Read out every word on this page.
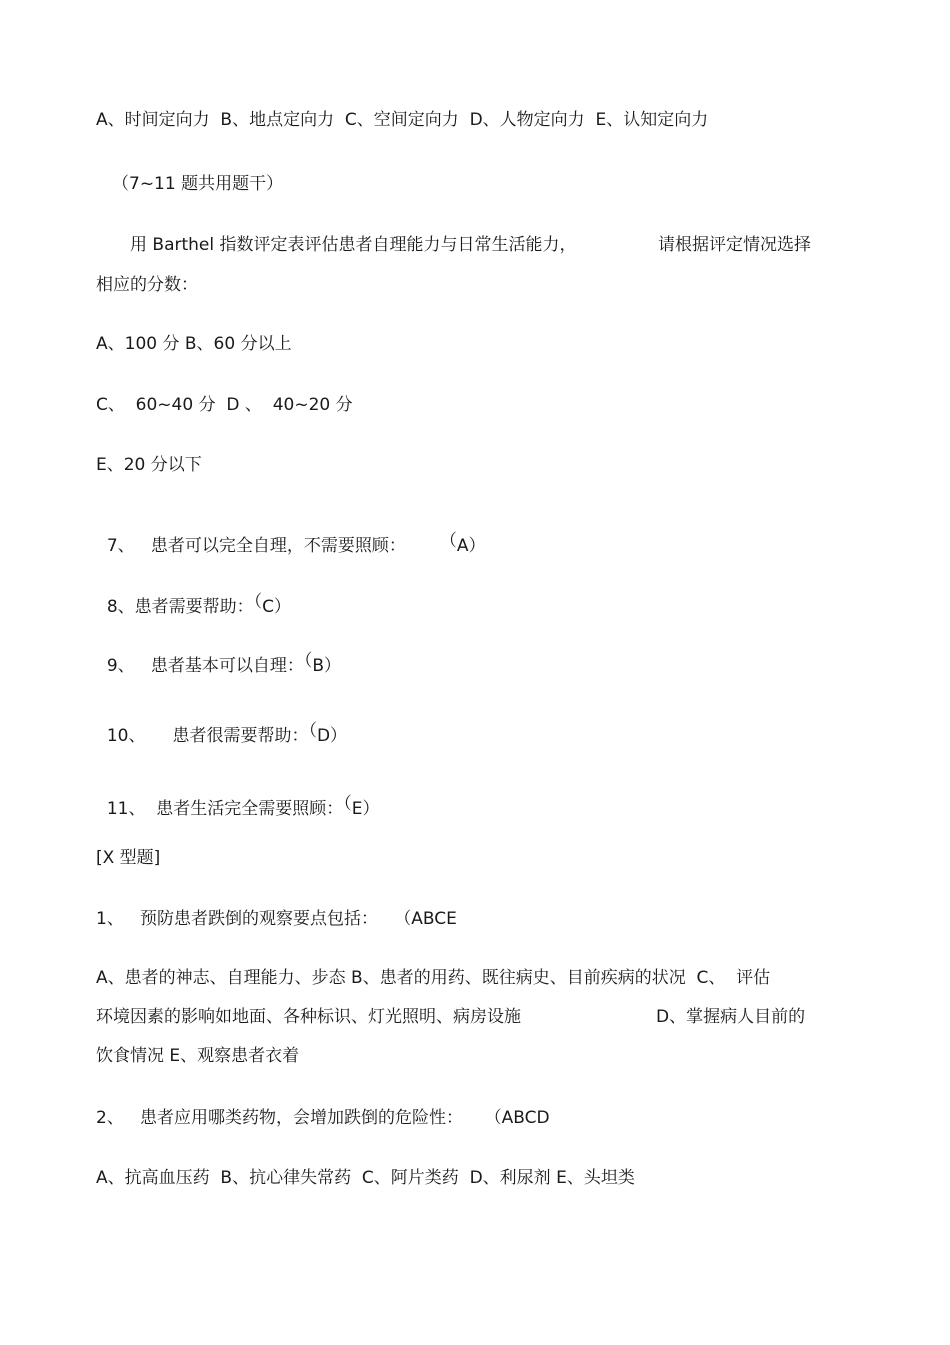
A、时间定向力  B、地点定向力  C、空间定向力  D、人物定向力  E、认知定向力
（7~11 题共用题干）
用 Barthel 指数评定表评估患者自理能力与日常生活能力，	请根据评定情况选择
相应的分数：
A、100 分 B、60 分以上
C、  60~40 分  D 、  40~20 分
E、20 分以下

7、   患者可以完全自理，不需要照顾： （A）

8、患者需要帮助：（C）

9、   患者基本可以自理：（B）

10、     患者很需要帮助：（D）

11、  患者生活完全需要照顾：（E）

[X 型题]
1、   预防患者跌倒的观察要点包括：   （ABCE
A、患者的神志、自理能力、步态 B、患者的用药、既往病史、目前疾病的状况  C、  评估
环境因素的影响如地面、各种标识、灯光照明、病房设施	D、掌握病人目前的
饮食情况 E、观察患者衣着
2、   患者应用哪类药物，会增加跌倒的危险性：    （ABCD
A、抗高血压药  B、抗心律失常药  C、阿片类药  D、利尿剂 E、头坦类
